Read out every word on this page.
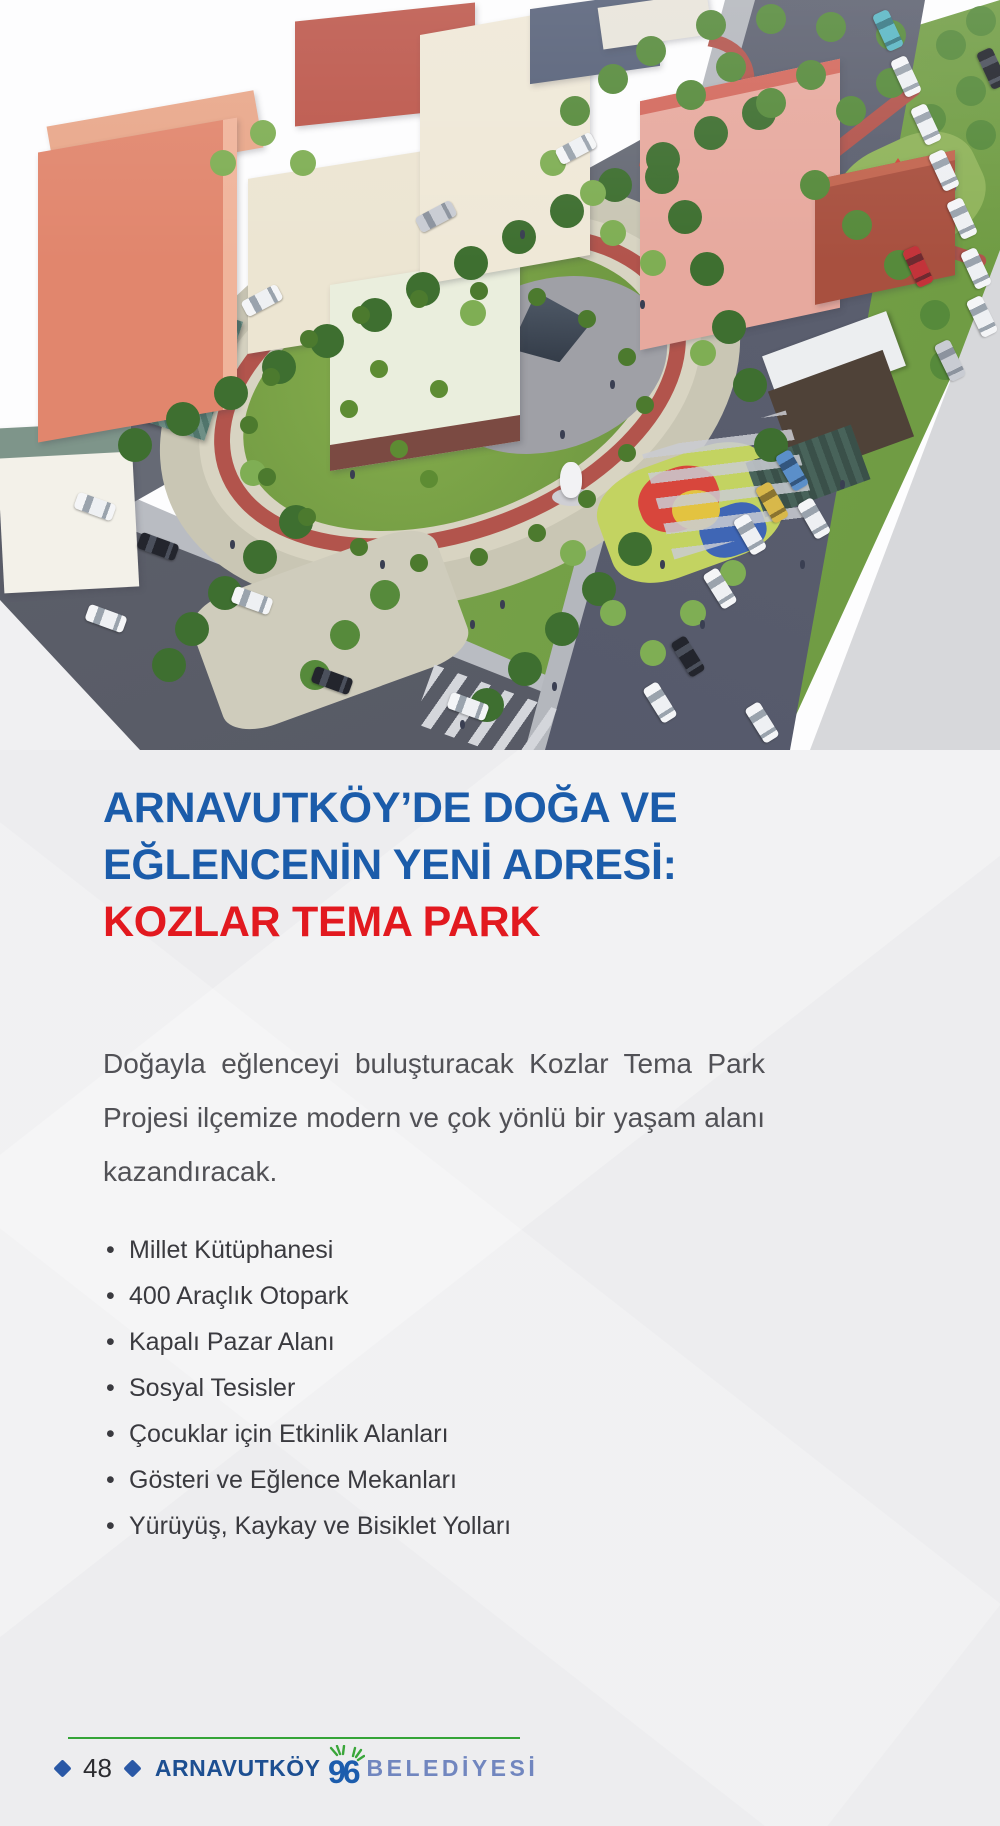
ARNAVUTKÖY’DE DOĞA VE
EĞLENCENİN YENİ ADRESİ:
KOZLAR TEMA PARK

Doğayla eğlenceyi buluşturacak Kozlar Tema Park Projesi ilçemize modern ve çok yönlü bir yaşam alanı kazandıracak.

• Millet Kütüphanesi
• 400 Araçlık Otopark
• Kapalı Pazar Alanı
• Sosyal Tesisler
• Çocuklar için Etkinlik Alanları
• Gösteri ve Eğlence Mekanları
• Yürüyüş, Kaykay ve Bisiklet Yolları
48 ARNAVUTKÖY 96 BELEDİYESİ
